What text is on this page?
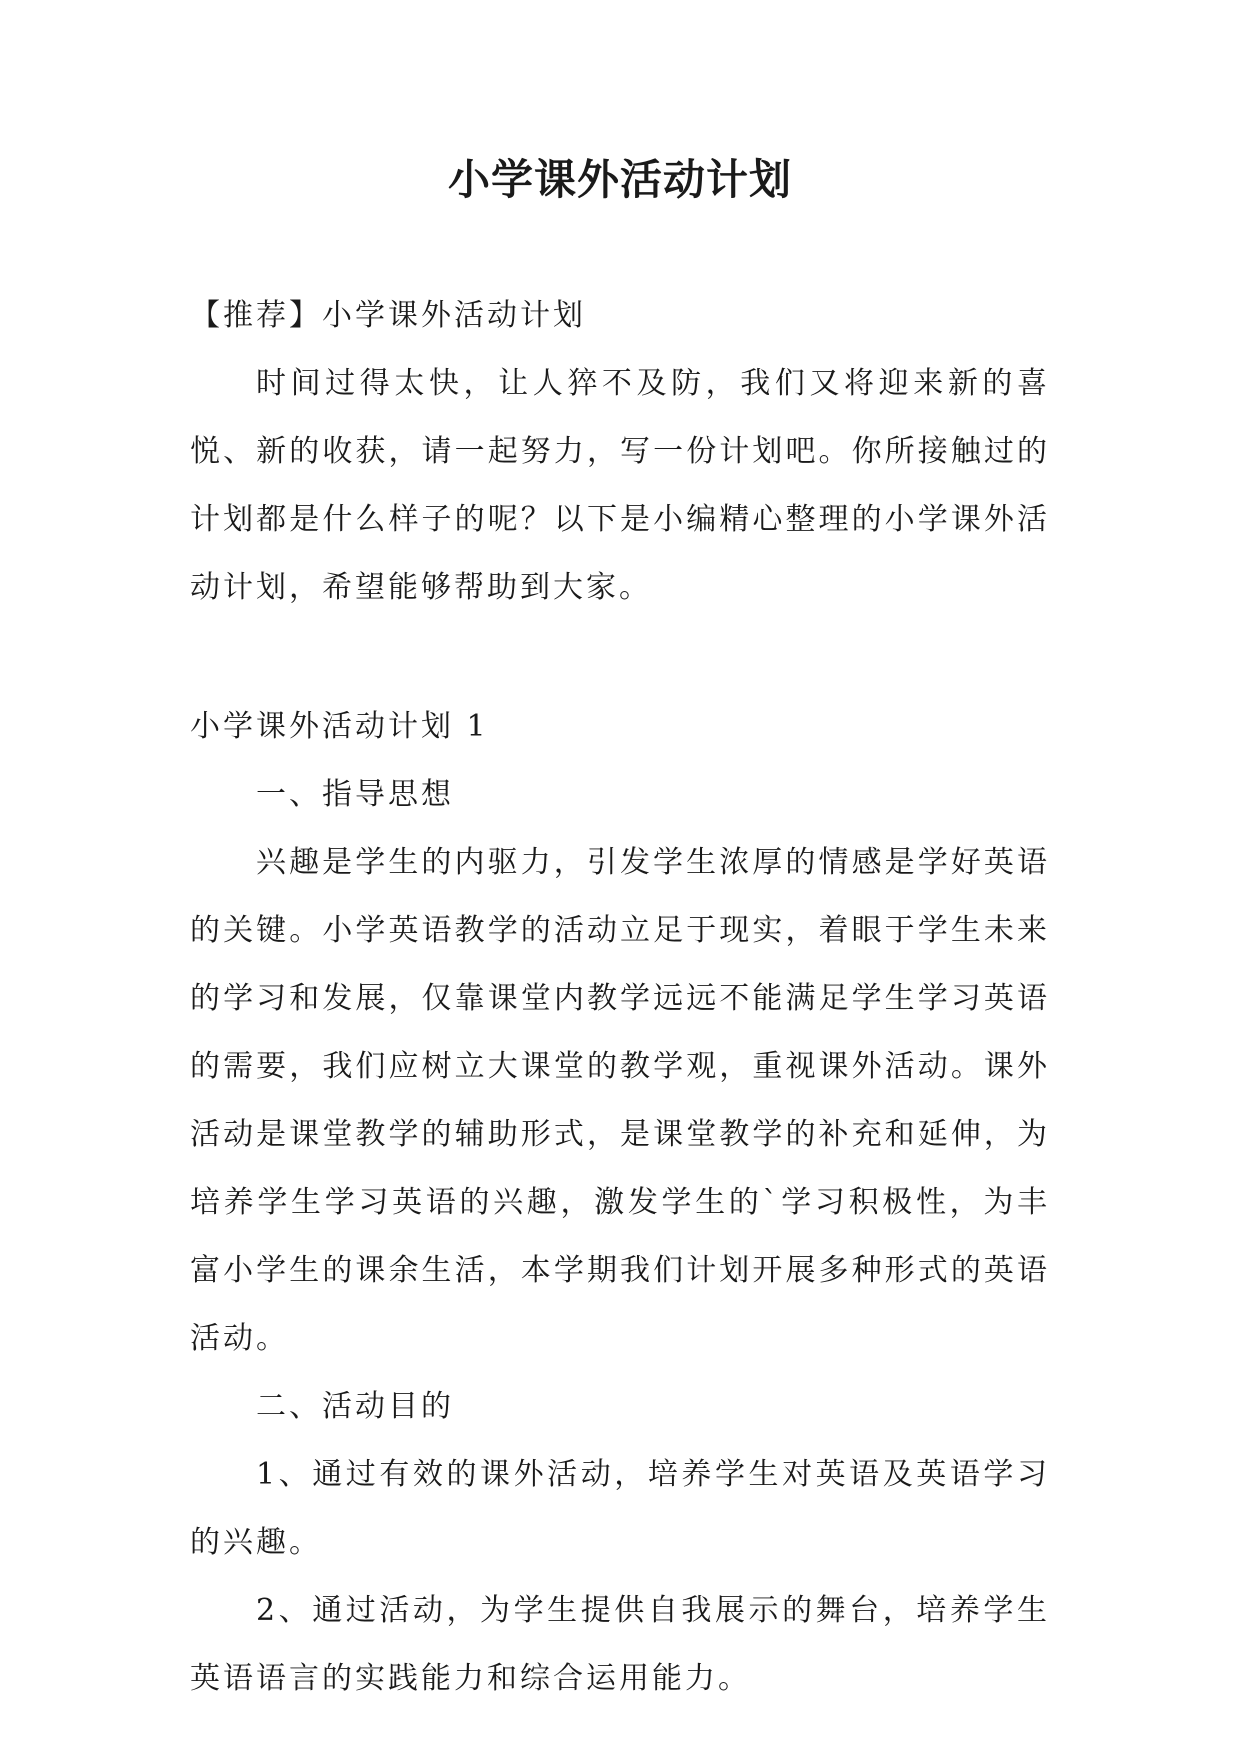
小学课外活动计划

【推荐】小学课外活动计划

时间过得太快，让人猝不及防，我们又将迎来新的喜悦、新的收获，请一起努力，写一份计划吧。你所接触过的计划都是什么样子的呢？以下是小编精心整理的小学课外活动计划，希望能够帮助到大家。

小学课外活动计划 1

一、指导思想

兴趣是学生的内驱力，引发学生浓厚的情感是学好英语的关键。小学英语教学的活动立足于现实，着眼于学生未来的学习和发展，仅靠课堂内教学远远不能满足学生学习英语的需要，我们应树立大课堂的教学观，重视课外活动。课外活动是课堂教学的辅助形式，是课堂教学的补充和延伸，为培养学生学习英语的兴趣，激发学生的`学习积极性，为丰富小学生的课余生活，本学期我们计划开展多种形式的英语活动。

二、活动目的

1、通过有效的课外活动，培养学生对英语及英语学习的兴趣。

2、通过活动，为学生提供自我展示的舞台，培养学生英语语言的实践能力和综合运用能力。
